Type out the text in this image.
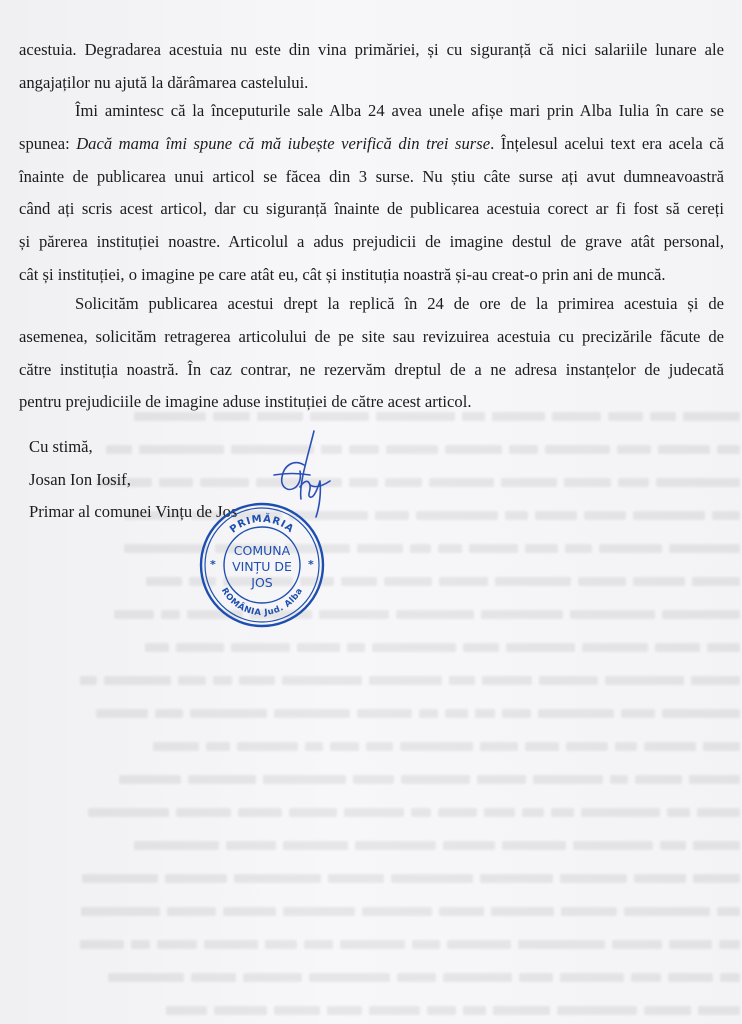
acestuia. Degradarea acestuia nu este din vina primăriei, și cu siguranță că nici salariile lunare ale
angajaților nu ajută la dărâmarea castelului.

Îmi amintesc că la începuturile sale Alba 24 avea unele afișe mari prin Alba Iulia în care se
spunea: Dacă mama îmi spune că mă iubește verifică din trei surse. Înțelesul acelui text era acela că
înainte de publicarea unui articol se făcea din 3 surse. Nu știu câte surse ați avut dumneavoastră
când ați scris acest articol, dar cu siguranță înainte de publicarea acestuia corect ar fi fost să cereți
și părerea instituției noastre. Articolul a adus prejudicii de imagine destul de grave atât personal,
cât și instituției, o imagine pe care atât eu, cât și instituția noastră și-au creat-o prin ani de muncă.

Solicităm publicarea acestui drept la replică în 24 de ore de la primirea acestuia și de
asemenea, solicităm retragerea articolului de pe site sau revizuirea acestuia cu precizările făcute de
către instituția noastră. În caz contrar, ne rezervăm dreptul de a ne adresa instanțelor de judecată
pentru prejudiciile de imagine aduse instituției de către acest articol.

Cu stimă,
Josan Ion Iosif,
Primar al comunei Vințu de Jos
PRIMĂRIA
ROMÂNIA Jud. Alba
*	*
COMUNA
VINȚU DE
JOS
